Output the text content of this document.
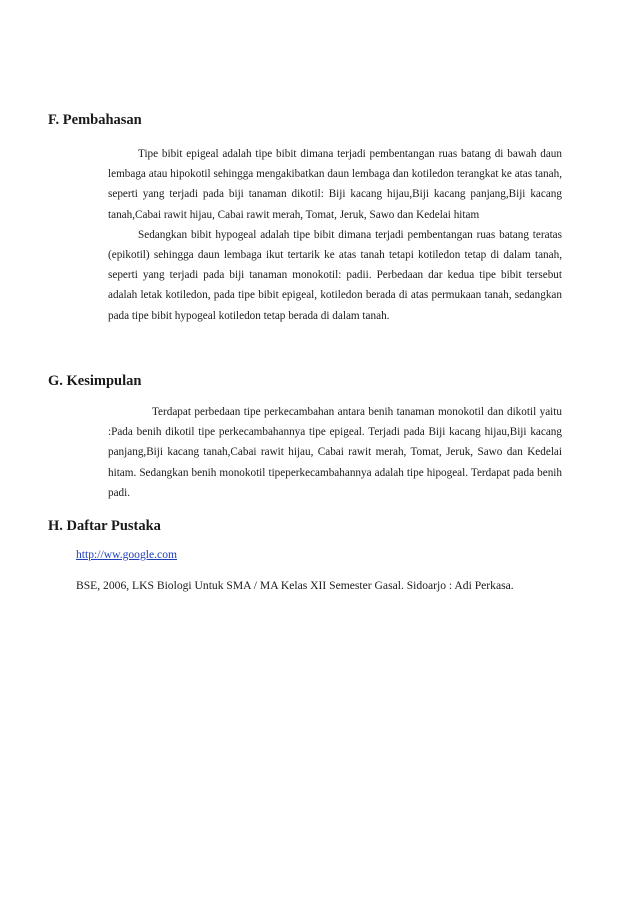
F. Pembahasan

Tipe bibit epigeal adalah tipe bibit dimana terjadi pembentangan ruas batang di bawah daun lembaga atau hipokotil sehingga mengakibatkan daun lembaga dan kotiledon terangkat ke atas tanah, seperti yang terjadi pada biji tanaman dikotil: Biji kacang hijau,Biji kacang panjang,Biji kacang tanah,Cabai rawit hijau, Cabai rawit merah, Tomat, Jeruk, Sawo dan Kedelai hitam

Sedangkan bibit hypogeal adalah tipe bibit dimana terjadi pembentangan ruas batang teratas (epikotil) sehingga daun lembaga ikut tertarik ke atas tanah tetapi kotiledon tetap di dalam tanah, seperti yang terjadi pada biji tanaman monokotil: padii. Perbedaan dar kedua tipe bibit tersebut adalah letak kotiledon, pada tipe bibit epigeal, kotiledon berada di atas permukaan tanah, sedangkan pada tipe bibit hypogeal kotiledon tetap berada di dalam tanah.

G. Kesimpulan

Terdapat perbedaan tipe perkecambahan antara benih tanaman monokotil dan dikotil yaitu :Pada benih dikotil tipe perkecambahannya tipe epigeal. Terjadi pada Biji kacang hijau,Biji kacang panjang,Biji kacang tanah,Cabai rawit hijau, Cabai rawit merah, Tomat, Jeruk, Sawo dan Kedelai hitam. Sedangkan benih monokotil tipeperkecambahannya adalah tipe hipogeal. Terdapat pada benih padi.

H. Daftar Pustaka
http://ww.google.com
BSE, 2006, LKS Biologi Untuk SMA / MA Kelas XII Semester Gasal. Sidoarjo : Adi Perkasa.
